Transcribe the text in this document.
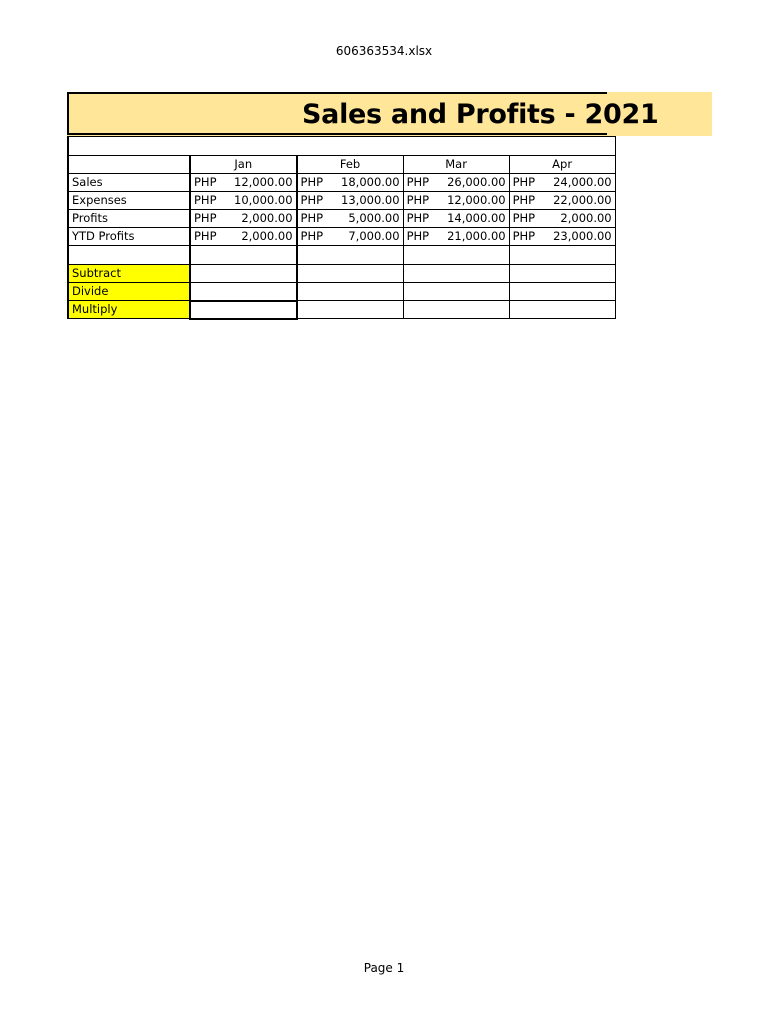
606363534.xlsx
Sales and Profits - 2021

	Jan		Feb		Mar		Apr	
Sales	PHP	12,000.00	PHP	18,000.00	PHP	26,000.00	PHP	24,000.00
Expenses	PHP	10,000.00	PHP	13,000.00	PHP	12,000.00	PHP	22,000.00
Profits	PHP	2,000.00	PHP	5,000.00	PHP	14,000.00	PHP	2,000.00
YTD Profits	PHP	2,000.00	PHP	7,000.00	PHP	21,000.00	PHP	23,000.00

Subtract								
Divide								
Multiply								
Page 1
